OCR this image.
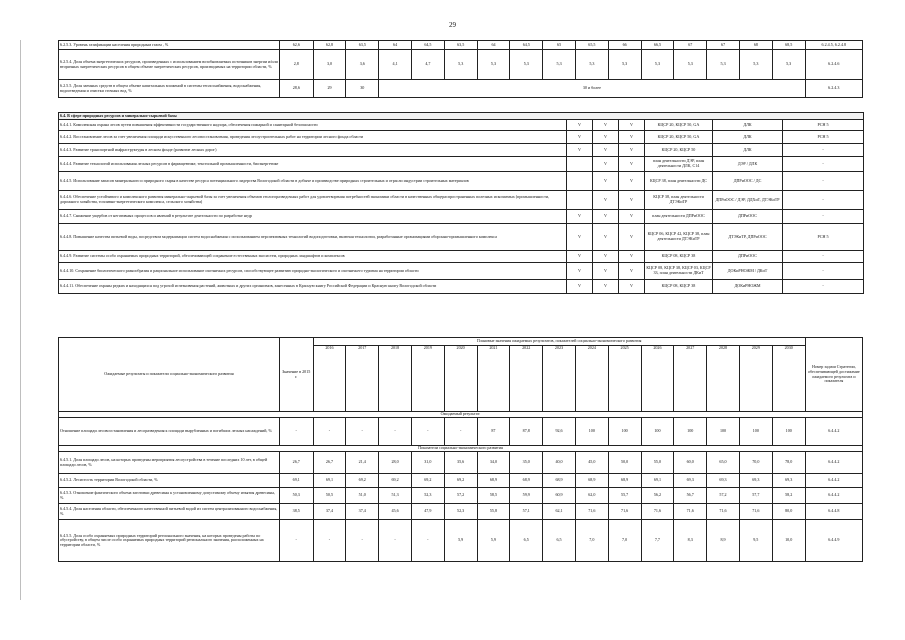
29
6.2.5.3. Уровень газификации населения природным газом , %	62,6	62,8	63,5	64	64,5	63,5	64	64,5	65	65,5	66	66,5	67	67	68	68,5	6.2.4.5, 6.2.4.8
6.2.5.4. Доля объема энергетических ресурсов, произведенных с использованием возобновляемых источников энергии и/или вторичных энергетических ресурсов в общем объеме энергетических ресурсов, производимых на территории области, %	2,8	3,0	3,6	4,1	4,7	5,3	5,3	5,3	5,3	5,3	5,3	5,3	5,3	5,3	5,3	5,3	6.2.4.6
6.2.5.5. Доля заемных средств в общем объеме капитальных вложений в системы теплоснабжения, водоснабжения, водоотведения и очистки сточных вод, %	28,6	29	30	30 и более													6.2.4.3
6.4. В сфере природных ресурсов и минерально-сырьевой базы						
6.4.4.1. Комплексная охрана лесов путем повышения эффективности государственного надзора, обеспечения пожарной и санитарной безопасности	V	V	V	КЦСР 20, КЦСР 50, GA	ДЛК	РСН 5
6.4.4.2. Восстановление лесов за счет увеличения площади искусственного лесовосстановления, проведения лесоустроительных работ на территории лесного фонда области	V	V	V	КЦСР 20, КЦСР 50, GA	ДЛК	РСН 5
6.4.4.3. Развитие транспортной инфраструктуры в лесном фонде (развитие лесных дорог)	V	V	V	КЦСР 20, КЦСР 50	ДЛК	-
6.4.4.4. Развитие технологий использования лесных ресурсов в фармацевтике, текстильной промышленности, биоэнергетике		V	V	план деятельности ДЭР, план деятельности ДЛК, С14	ДЭР / ДЛК	-
6.4.4.5. Использование запасов минерального и природного сырья в качестве ресурса потенциального лидерства Вологодской области в добыче и производстве природных строительных и отрасли индустрии строительных материалов		V	V	КЦСР 38, план деятельности ДС	ДПРиООС / ДС	-
6.4.4.6. Обеспечение устойчивого и комплексного развития минерально-сырьевой базы за счет увеличения объемов геологоразведочных работ для удовлетворения потребностей экономики области в качественных общераспространенных полезных ископаемых (промышленности, дорожного хозяйства, топливно-энергетического комплекса, сельского хозяйства)		V	V	КЦСР 38, план деятельности ДТЭКиТР	ДПРиООС / ДЭР, ДДХиТ, ДТЭКиТР	-
6.4.4.7. Снижение ущербов от негативных процессов и явлений в результате деятельности по разработке недр	V	V	V	план деятельности ДПРиООС	ДПРиООС	-
6.4.4.8. Повышение качества питьевой воды, посредством модернизации систем водоснабжения с использованием перспективных технологий водоподготовки, включая технологии, разработанные организациями оборонно-промышленного комплекса	V	V	V	КЦСР 06, КЦСР 42, КЦСР 38, план деятельности ДТЭКиТР	ДТЭКиТР, ДПРиООС	РСН 5
6.4.4.9. Развитие системы особо охраняемых природных территорий, обеспечивающей сохранение естественных экосистем, природных ландшафтов и комплексов	V	V	V	КЦСР 08, КЦСР 38	ДПРиООС	-
6.4.4.10. Сохранение биологического разнообразия и рациональное использование охотничьих ресурсов, способствующее развитию природно-экологического и охотничьего туризма на территории области	V	V	V	КЦСР 08, КЦСР 38, КЦСР 03, КЦСР 33, план деятельности ДКиТ	ДОКиРНОЖМ / ДКиТ	-
6.4.4.11. Обеспечение охраны редких и находящихся под угрозой исчезновения растений, животных и других организмов, занесенных в Красную книгу Российской Федерации и Красную книгу Вологодской области	V	V	V	КЦСР 08, КЦСР 38	ДОКиРНОЖМ	-
Ожидаемые результаты и показатели социально-экономического развития	Значение в 2015 г.	Плановые значения ожидаемых результатов, показателей социально-экономического развития															Номер задачи Стратегии, обеспечивающей достижение ожидаемого результата и показателя
		2016	2017	2018	2019	2020	2021	2022	2023	2024	2025	2026	2027	2028	2029	2030	
Ожидаемый результат:																	
Отношение площади лесовосстановления и лесоразведения к площади вырубленных и погибших лесных насаждений, %	-	-	-	-	-	-	87	87,8	92,6	100	100	100	100	100	100	100	6.4.4.2
Показатели социально-экономического развития																	
6.4.5.1. Доля площади лесов, на которых проведены мероприятия лесоустройства в течение последних 10 лет, в общей площади лесов, %	26,7	26,7	21,4	28,0	31,0	35,6	34,0	35,0	40,0	45,0	50,0	55,0	60,0	65,0	70,0	78,0	6.4.4.2
6.4.5.2. Лесистость территории Вологодской области, %	69,1	69,1	69,2	69,2	69,2	69,2	68,9	68,9	68,9	68,9	68,9	69,1	69,3	69,3	69,3	69,3	6.4.4.2
6.4.5.3. Отношение фактического объема заготовки древесины к установленному допустимому объему изъятия древесины, %	50,3	50,5	51,0	51,3	52,3	57,2	58,5	59,9	60,9	62,0	55,7	56,2	56,7	57,2	57,7	58,2	6.4.4.2
6.4.5.4. Доля населения области, обеспеченного качественной питьевой водой из систем централизованного водоснабжения, %	38,5	37,4	37,4	45,6	47,9	52,3	55,8	57,1	62,1	71,6	71,6	71,6	71,6	71,6	71,6	80,0	6.4.4.8
6.4.5.5. Доля особо охраняемых природных территорий регионального значения, на которых проведены работы по обустройству, в общем числе особо охраняемых природных территорий регионального значения, расположенных на территории области, %	-	-	-	-	-	5,9	5,9	6,5	6,5	7,0	7,0	7,7	8,3	8,9	9,5	10,0	6.4.4.9
